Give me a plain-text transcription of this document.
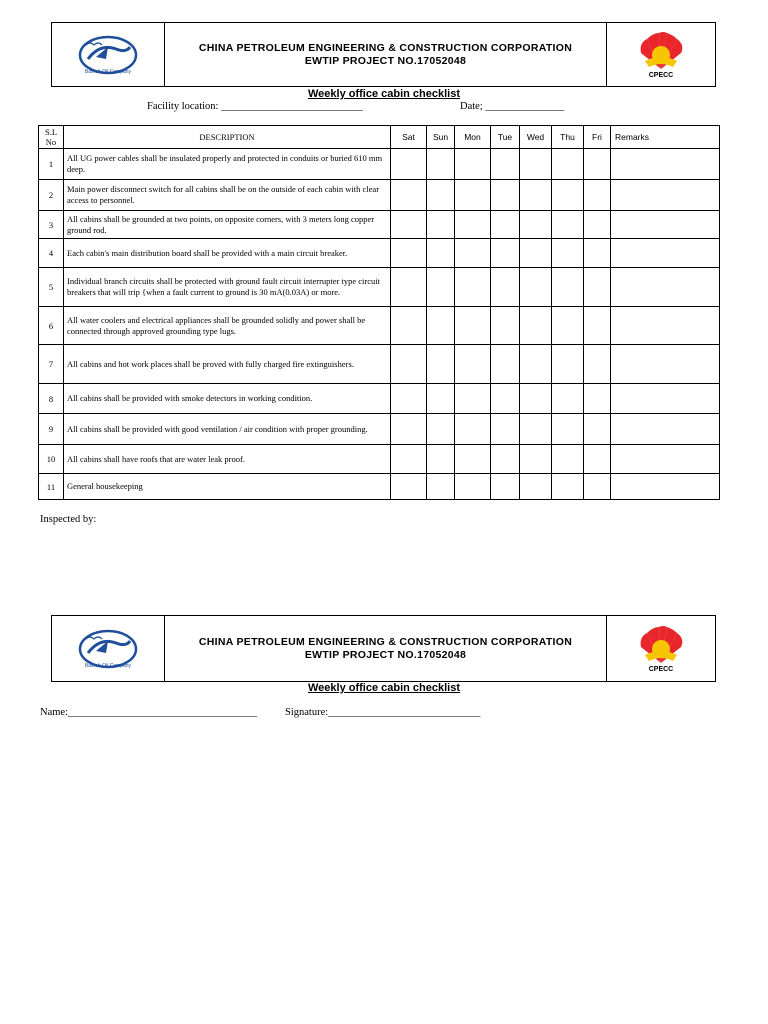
Basrah Oil Company
CHINA PETROLEUM ENGINEERING & CONSTRUCTION CORPORATION
EWTIP PROJECT NO.17052048
CPECC
Weekly office cabin checklist
Facility location: ___________________________	Date; _______________
S.L No	DESCRIPTION	Sat	Sun	Mon	Tue	Wed	Thu	Fri	Remarks
1	All UG power cables shall be insulated properly and protected in conduits or buried 610 mm deep.								
2	Main power disconnect switch for all cabins shall be on the outside of each cabin with clear access to personnel.								
3	All cabins shall be grounded at two points, on opposite corners, with 3 meters long copper ground rod.								
4	Each cabin's main distribution board shall be provided with a main circuit breaker.								
5	Individual branch circuits shall be protected with ground fault circuit interrupter type circuit breakers that will trip {when a fault current to ground is 30 mA(0.03A) or more.								
6	All water coolers and electrical appliances shall be grounded solidly and power shall be connected through approved grounding type lugs.								
7	All cabins and hot work places shall be proved with fully charged fire extinguishers.								
8	All cabins shall be provided with smoke detectors in working condition.								
9	All cabins shall be provided with good ventilation / air condition with proper grounding.								
10	All cabins shall have roofs that are water leak proof.								
11	General housekeeping								
Inspected by:
Basrah Oil Company
CHINA PETROLEUM ENGINEERING & CONSTRUCTION CORPORATION
EWTIP PROJECT NO.17052048
CPECC
Weekly office cabin checklist
Name:____________________________________	Signature:_____________________________
